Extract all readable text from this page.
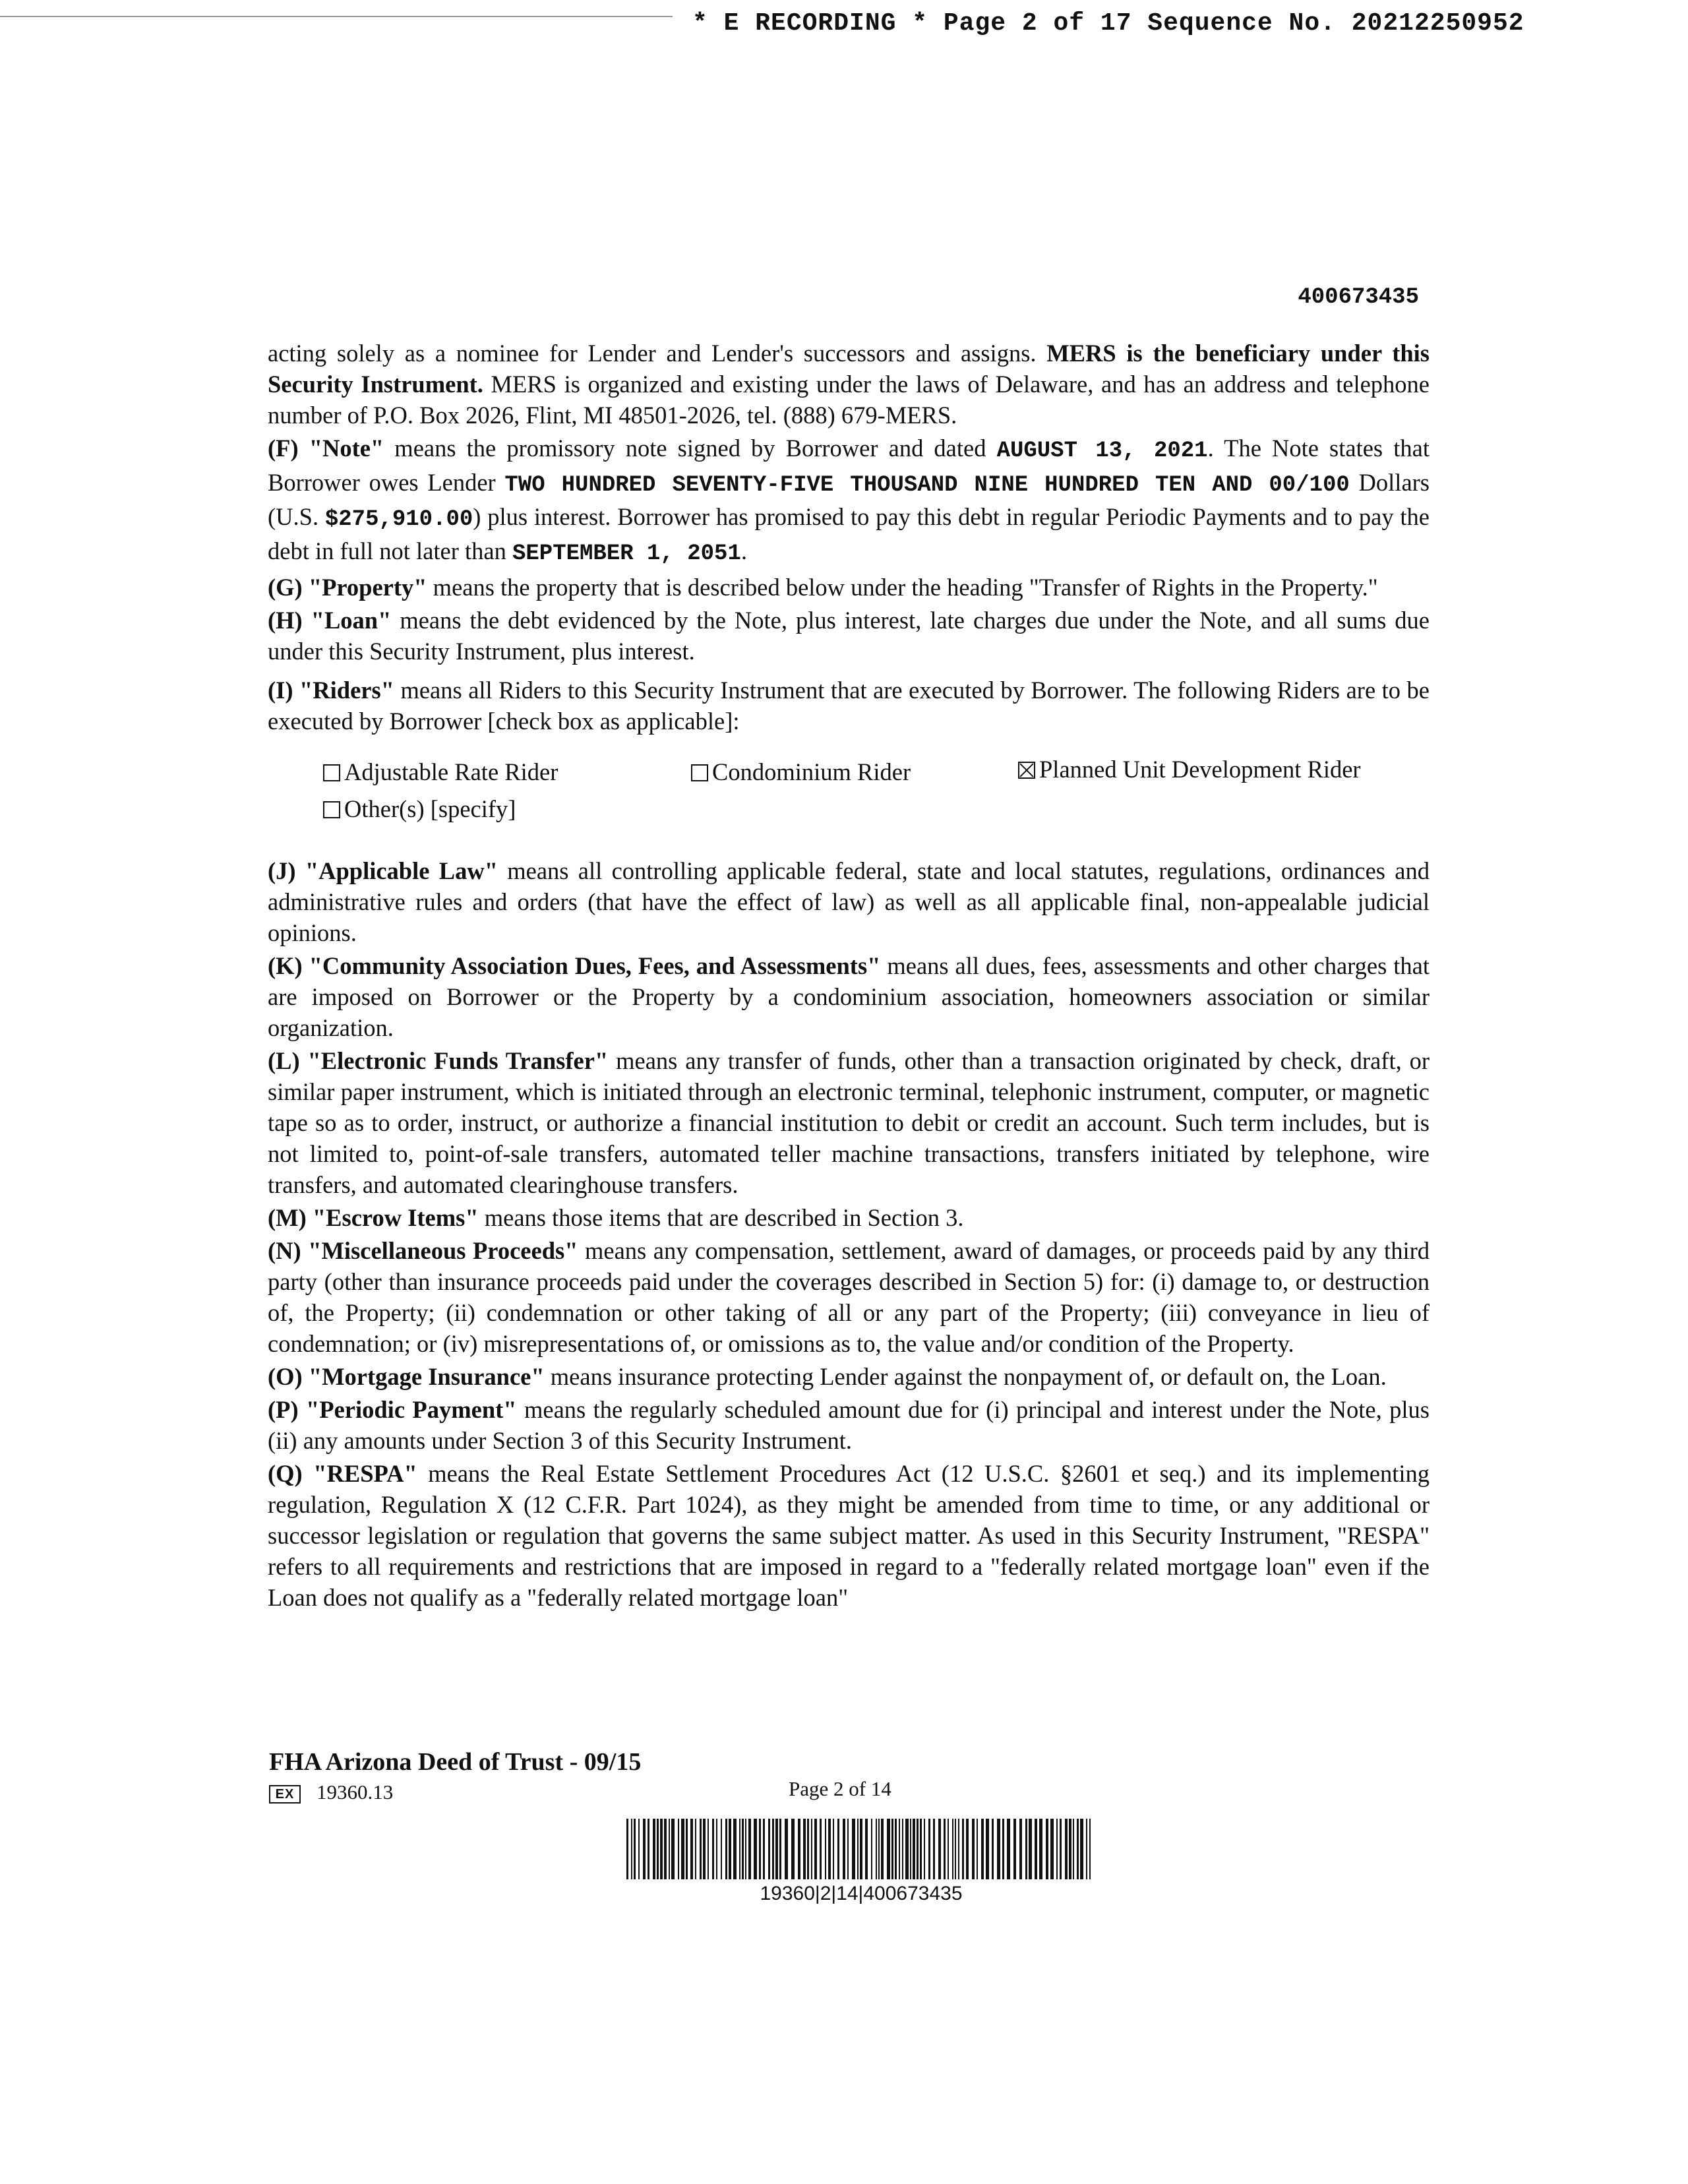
* E RECORDING * Page 2 of 17 Sequence No. 20212250952
400673435

acting solely as a nominee for Lender and Lender's successors and assigns. MERS is the beneficiary under this Security Instrument. MERS is organized and existing under the laws of Delaware, and has an address and telephone number of P.O. Box 2026, Flint, MI 48501-2026, tel. (888) 679-MERS.

(F) "Note" means the promissory note signed by Borrower and dated AUGUST 13, 2021. The Note states that Borrower owes Lender TWO HUNDRED SEVENTY-FIVE THOUSAND NINE HUNDRED TEN AND 00/100 Dollars (U.S. $275,910.00) plus interest. Borrower has promised to pay this debt in regular Periodic Payments and to pay the debt in full not later than SEPTEMBER 1, 2051.

(G) "Property" means the property that is described below under the heading "Transfer of Rights in the Property."

(H) "Loan" means the debt evidenced by the Note, plus interest, late charges due under the Note, and all sums due under this Security Instrument, plus interest.

(I) "Riders" means all Riders to this Security Instrument that are executed by Borrower. The following Riders are to be executed by Borrower [check box as applicable]:

Adjustable Rate Rider	Condominium Rider	Planned Unit Development Rider
Other(s) [specify]

(J) "Applicable Law" means all controlling applicable federal, state and local statutes, regulations, ordinances and administrative rules and orders (that have the effect of law) as well as all applicable final, non-appealable judicial opinions.

(K) "Community Association Dues, Fees, and Assessments" means all dues, fees, assessments and other charges that are imposed on Borrower or the Property by a condominium association, homeowners association or similar organization.

(L) "Electronic Funds Transfer" means any transfer of funds, other than a transaction originated by check, draft, or similar paper instrument, which is initiated through an electronic terminal, telephonic instrument, computer, or magnetic tape so as to order, instruct, or authorize a financial institution to debit or credit an account. Such term includes, but is not limited to, point-of-sale transfers, automated teller machine transactions, transfers initiated by telephone, wire transfers, and automated clearinghouse transfers.

(M) "Escrow Items" means those items that are described in Section 3.

(N) "Miscellaneous Proceeds" means any compensation, settlement, award of damages, or proceeds paid by any third party (other than insurance proceeds paid under the coverages described in Section 5) for: (i) damage to, or destruction of, the Property; (ii) condemnation or other taking of all or any part of the Property; (iii) conveyance in lieu of condemnation; or (iv) misrepresentations of, or omissions as to, the value and/or condition of the Property.

(O) "Mortgage Insurance" means insurance protecting Lender against the nonpayment of, or default on, the Loan.

(P) "Periodic Payment" means the regularly scheduled amount due for (i) principal and interest under the Note, plus (ii) any amounts under Section 3 of this Security Instrument.

(Q) "RESPA" means the Real Estate Settlement Procedures Act (12 U.S.C. §2601 et seq.) and its implementing regulation, Regulation X (12 C.F.R. Part 1024), as they might be amended from time to time, or any additional or successor legislation or regulation that governs the same subject matter. As used in this Security Instrument, "RESPA" refers to all requirements and restrictions that are imposed in regard to a "federally related mortgage loan" even if the Loan does not qualify as a "federally related mortgage loan"

FHA Arizona Deed of Trust - 09/15
EX	19360.13	Page 2 of 14
19360|2|14|400673435
